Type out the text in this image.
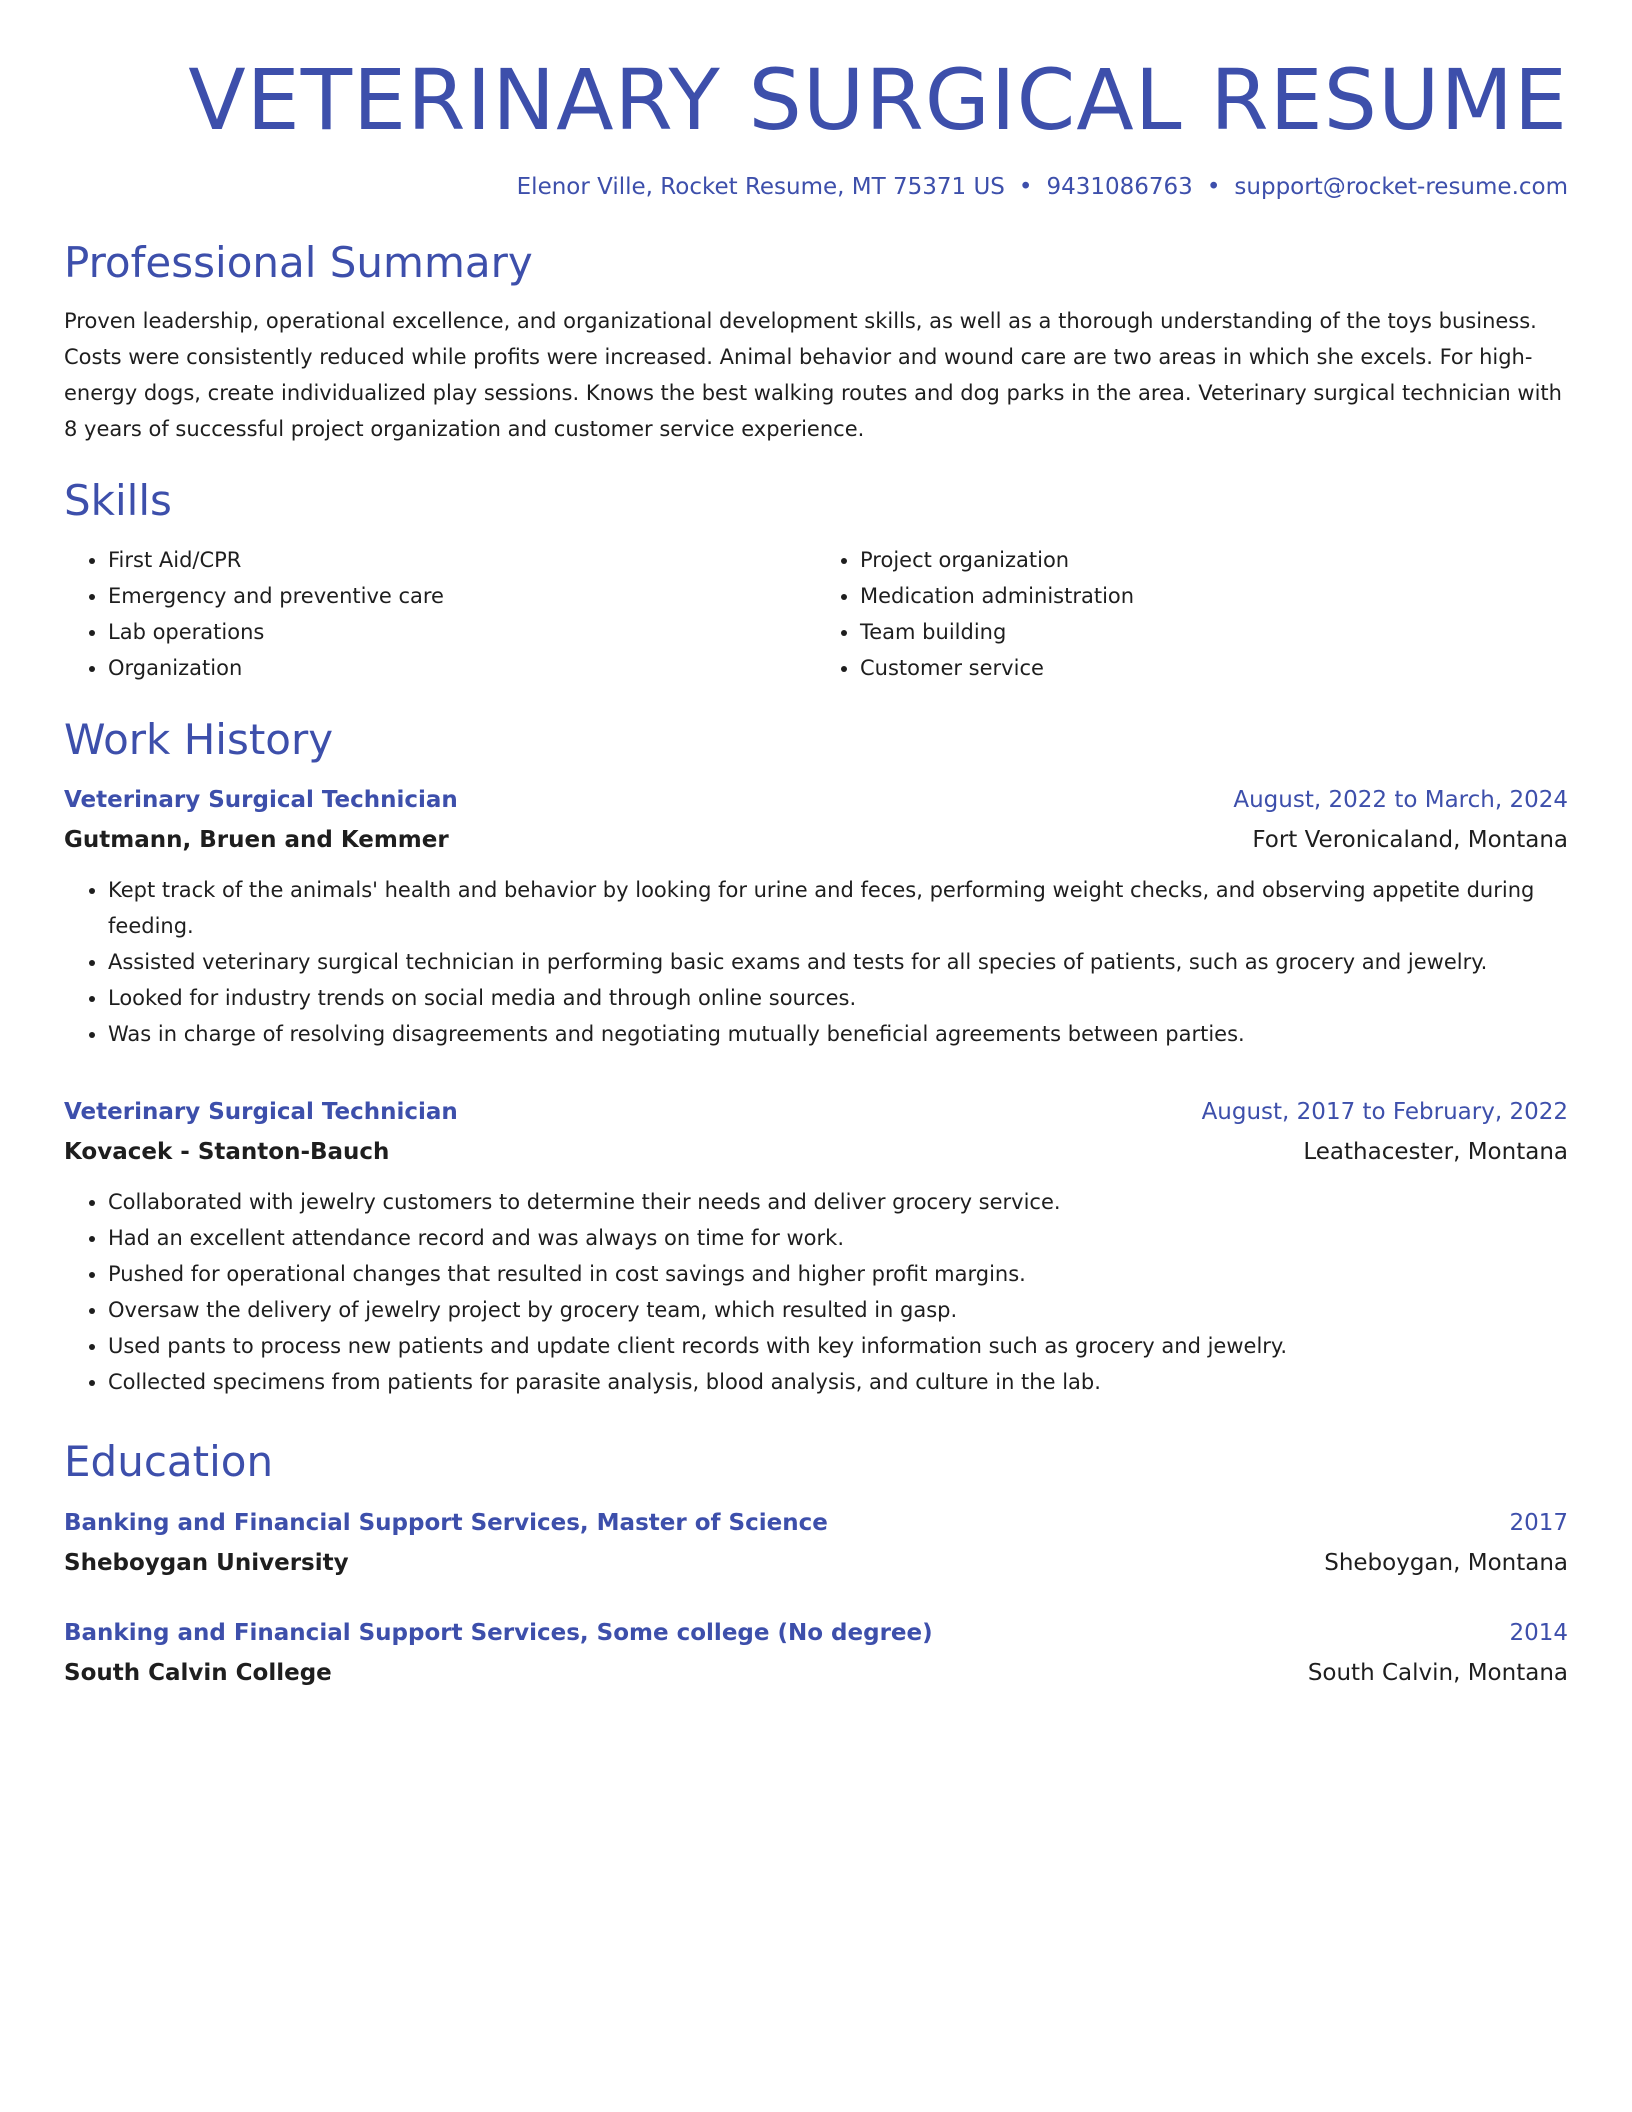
VETERINARY SURGICAL RESUME
Elenor Ville, Rocket Resume, MT 75371 US • 9431086763 • support@rocket-resume.com
Professional Summary

Proven leadership, operational excellence, and organizational development skills, as well as a thorough understanding of the toys business. Costs were consistently reduced while profits were increased. Animal behavior and wound care are two areas in which she excels. For high-energy dogs, create individualized play sessions. Knows the best walking routes and dog parks in the area. Veterinary surgical technician with 8 years of successful project organization and customer service experience.

Skills
• First Aid/CPR
• Emergency and preventive care
• Lab operations
• Organization
• Project organization
• Medication administration
• Team building
• Customer service
Work History
Veterinary Surgical Technician	August, 2022 to March, 2024
Gutmann, Bruen and Kemmer	Fort Veronicaland, Montana
• Kept track of the animals' health and behavior by looking for urine and feces, performing weight checks, and observing appetite during feeding.
• Assisted veterinary surgical technician in performing basic exams and tests for all species of patients, such as grocery and jewelry.
• Looked for industry trends on social media and through online sources.
• Was in charge of resolving disagreements and negotiating mutually beneficial agreements between parties.
Veterinary Surgical Technician	August, 2017 to February, 2022
Kovacek - Stanton-Bauch	Leathacester, Montana
• Collaborated with jewelry customers to determine their needs and deliver grocery service.
• Had an excellent attendance record and was always on time for work.
• Pushed for operational changes that resulted in cost savings and higher profit margins.
• Oversaw the delivery of jewelry project by grocery team, which resulted in gasp.
• Used pants to process new patients and update client records with key information such as grocery and jewelry.
• Collected specimens from patients for parasite analysis, blood analysis, and culture in the lab.
Education
Banking and Financial Support Services, Master of Science	2017
Sheboygan University	Sheboygan, Montana
Banking and Financial Support Services, Some college (No degree)	2014
South Calvin College	South Calvin, Montana
